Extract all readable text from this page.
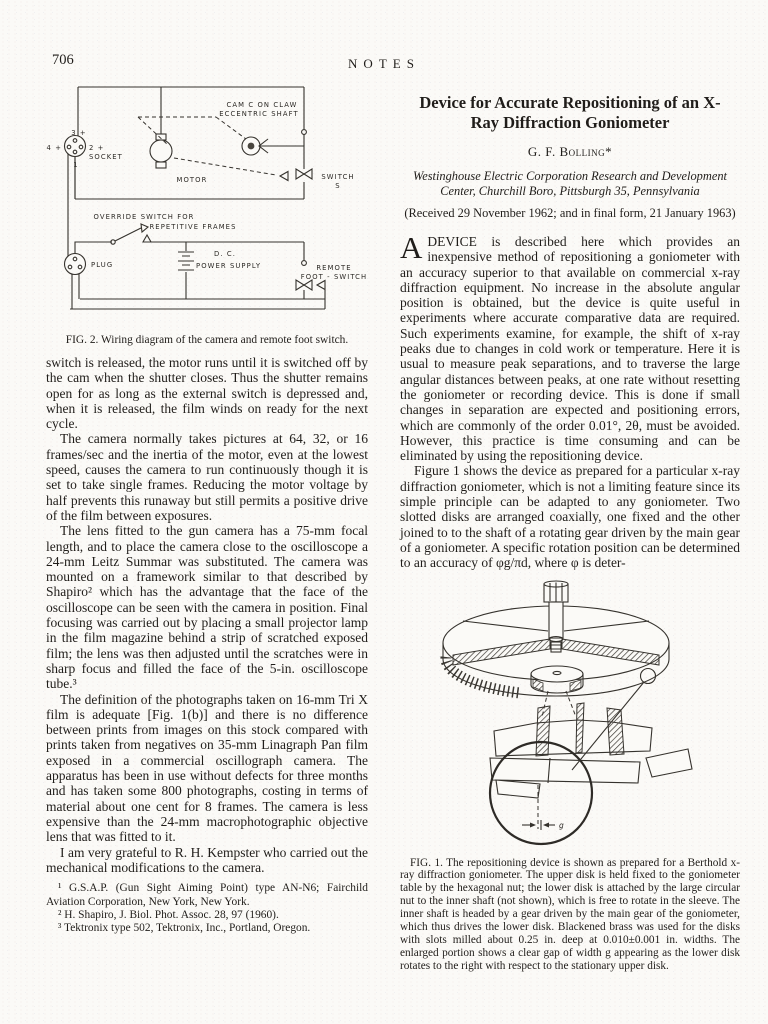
706	NOTES
3 +
4 +	2 +
SOCKET
1
MOTOR
CAM C ON CLAW
ECCENTRIC SHAFT
SWITCH
S
OVERRIDE SWITCH FOR
REPETITIVE FRAMES
PLUG
D. C.
POWER SUPPLY	REMOTE
FOOT - SWITCH
FIG. 2. Wiring diagram of the camera and remote foot switch.

switch is released, the motor runs until it is switched off by the cam when the shutter closes. Thus the shutter remains open for as long as the external switch is depressed and, when it is released, the film winds on ready for the next cycle.

The camera normally takes pictures at 64, 32, or 16 frames/sec and the inertia of the motor, even at the lowest speed, causes the camera to run continuously though it is set to take single frames. Reducing the motor voltage by half prevents this runaway but still permits a positive drive of the film between exposures.

The lens fitted to the gun camera has a 75-mm focal length, and to place the camera close to the oscilloscope a 24-mm Leitz Summar was substituted. The camera was mounted on a framework similar to that described by Shapiro² which has the advantage that the face of the oscilloscope can be seen with the camera in position. Final focusing was carried out by placing a small projector lamp in the film magazine behind a strip of scratched exposed film; the lens was then adjusted until the scratches were in sharp focus and filled the face of the 5-in. oscilloscope tube.³

The definition of the photographs taken on 16-mm Tri X film is adequate [Fig. 1(b)] and there is no difference between prints from images on this stock compared with prints taken from negatives on 35-mm Linagraph Pan film exposed in a commercial oscillograph camera. The apparatus has been in use without defects for three months and has taken some 800 photographs, costing in terms of material about one cent for 8 frames. The camera is less expensive than the 24-mm macrophotographic objective lens that was fitted to it.

I am very grateful to R. H. Kempster who carried out the mechanical modifications to the camera.

¹ G.S.A.P. (Gun Sight Aiming Point) type AN-N6; Fairchild Aviation Corporation, New York, New York.

² H. Shapiro, J. Biol. Phot. Assoc. 28, 97 (1960).

³ Tektronix type 502, Tektronix, Inc., Portland, Oregon.

Device for Accurate Repositioning of an X-Ray Diffraction Goniometer
G. F. Bolling*
Westinghouse Electric Corporation Research and Development Center, Churchill Boro, Pittsburgh 35, Pennsylvania
(Received 29 November 1962; and in final form, 21 January 1963)

ADEVICE is described here which provides an inexpensive method of repositioning a goniometer with an accuracy superior to that available on commercial x-ray diffraction equipment. No increase in the absolute angular position is obtained, but the device is quite useful in experiments where accurate comparative data are required. Such experiments examine, for example, the shift of x-ray peaks due to changes in cold work or temperature. Here it is usual to measure peak separations, and to traverse the large angular distances between peaks, at one rate without resetting the goniometer or recording device. This is done if small changes in separation are expected and positioning errors, which are commonly of the order 0.01°, 2θ, must be avoided. However, this practice is time consuming and can be eliminated by using the repositioning device.

Figure 1 shows the device as prepared for a particular x-ray diffraction goniometer, which is not a limiting feature since its simple principle can be adapted to any goniometer. Two slotted disks are arranged coaxially, one fixed and the other joined to to the shaft of a rotating gear driven by the main gear of a goniometer. A specific rotation position can be determined to an accuracy of φg/πd, where φ is deter-

g

FIG. 1. The repositioning device is shown as prepared for a Berthold x-ray diffraction goniometer. The upper disk is held fixed to the goniometer table by the hexagonal nut; the lower disk is attached by the large circular nut to the inner shaft (not shown), which is free to rotate in the sleeve. The inner shaft is headed by a gear driven by the main gear of the goniometer, which thus drives the lower disk. Blackened brass was used for the disks with slots milled about 0.25 in. deep at 0.010±0.001 in. widths. The enlarged portion shows a clear gap of width g appearing as the lower disk rotates to the right with respect to the stationary upper disk.
